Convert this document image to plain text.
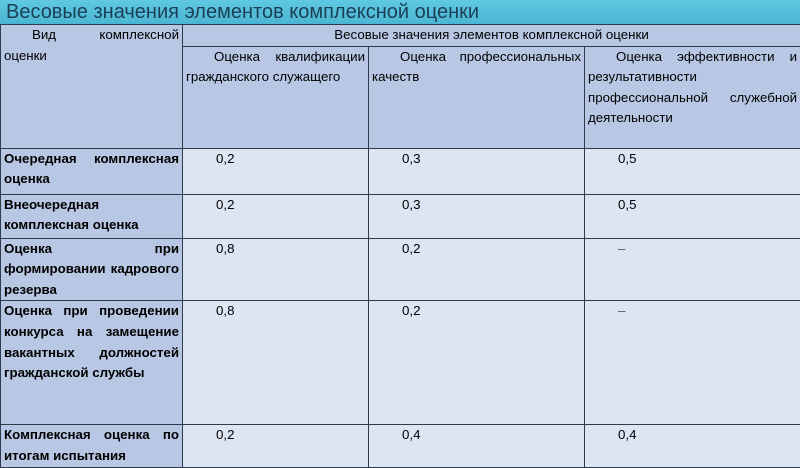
Весовые значения элементов комплексной оценки
Вид комплексной оценки	Весовые значения элементов комплексной оценки		
	Оценка квалификации гражданского служащего	Оценка профессиональных качеств	Оценка эффективности и результативности профессиональной служебной деятельности
Очередная комплексная оценка	0,2	0,3	0,5
Внеочередная комплексная оценка	0,2	0,3	0,5
Оценка при формировании кадрового резерва	0,8	0,2	–
Оценка при проведении конкурса на замещение вакантных должностей гражданской службы	0,8	0,2	–
Комплексная оценка по итогам испытания	0,2	0,4	0,4
